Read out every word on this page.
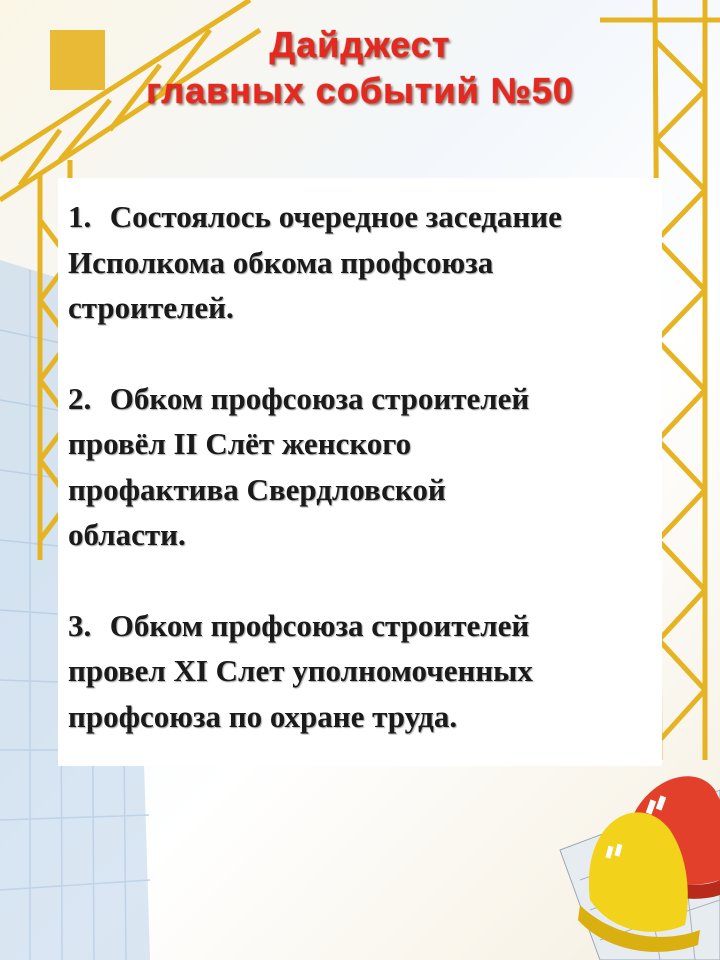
Дайджест
главных событий №50
1. Состоялось очередное заседание
Исполкома обкома профсоюза
строителей.
2. Обком профсоюза строителей
провёл II Слёт женского
профактива Свердловской
области.
3. Обком профсоюза строителей
провел XI Слет уполномоченных
профсоюза по охране труда.
